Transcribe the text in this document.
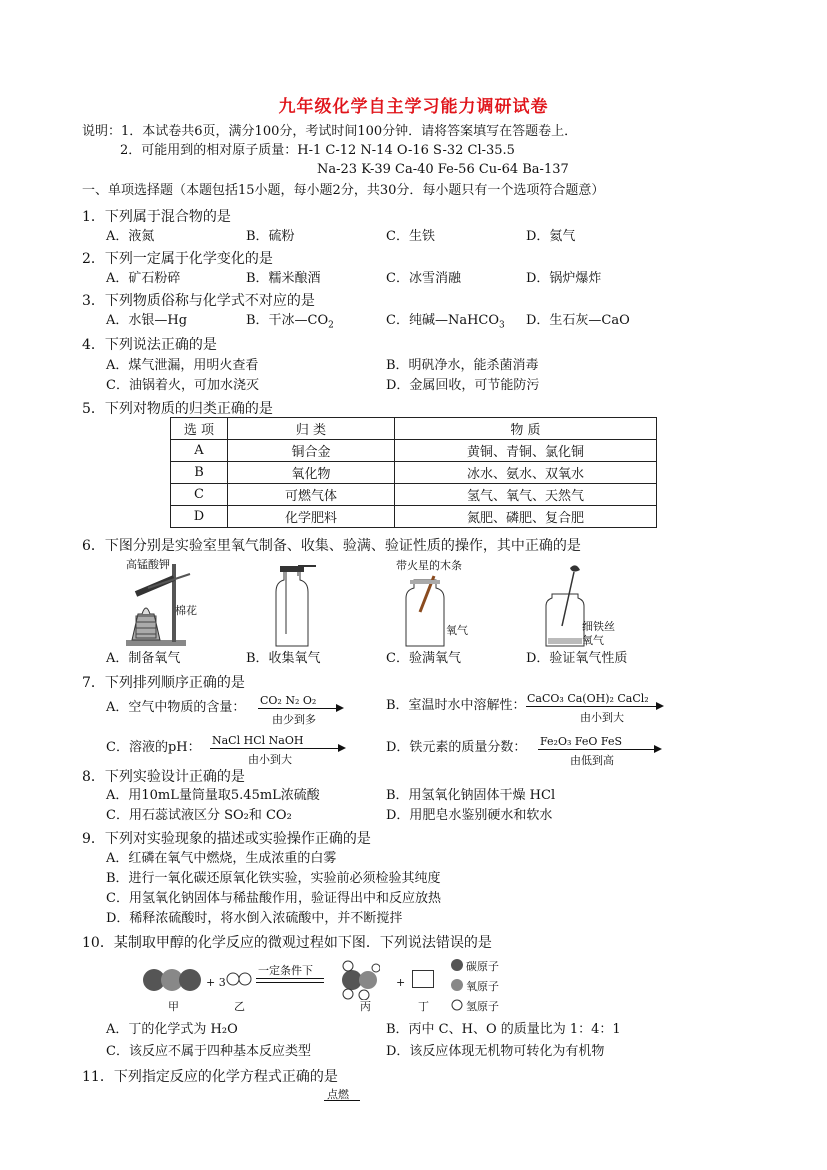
九年级化学自主学习能力调研试卷
说明：1．本试卷共6页，满分100分，考试时间100分钟．请将答案填写在答题卷上．
2．可能用到的相对原子质量：H-1 C-12 N-14 O-16 S-32 Cl-35.5
Na-23 K-39 Ca-40 Fe-56 Cu-64 Ba-137
一、单项选择题（本题包括15小题，每小题2分，共30分．每小题只有一个选项符合题意）
1．下列属于混合物的是
A．液氮	B．硫粉	C．生铁	D．氦气
2．下列一定属于化学变化的是
A．矿石粉碎	B．糯米酿酒	C．冰雪消融	D．锅炉爆炸
3．下列物质俗称与化学式不对应的是
A．水银—Hg	B．干冰$—CO_2$	C．纯碱—NaHCO$_3$ D．生石灰—CaO
4．下列说法正确的是
A．煤气泄漏，用明火查看	B．明矾净水，能杀菌消毒
C．油锅着火，可加水浇灭	D．金属回收，可节能防污
5．下列对物质的归类正确的是
选 项	归 类	物 质
A	铜合金	黄铜、青铜、氯化铜
B	氧化物	冰水、氨水、双氧水
C	可燃气体	氢气、氧气、天然气
D	化学肥料	氮肥、磷肥、复合肥
6．下图分别是实验室里氧气制备、收集、验满、验证性质的操作，其中正确的是
高锰酸钾
棉花
带火星的木条
氧气	细铁丝
氧气
A．制备氧气	B．收集氧气	C．验满氧气	D．验证氧气性质
7．下列排列顺序正确的是
A．空气中物质的含量： CO₂ N₂ O₂
由少到多
B．室温时水中溶解性： CaCO₃ Ca(OH)₂ CaCl₂
由小到大
C．溶液的pH： NaCl HCl NaOH
由小到大
D．铁元素的质量分数： Fe₂O₃ FeO FeS
由低到高
8．下列实验设计正确的是
A．用10mL量筒量取5.45mL浓硫酸	B．用氢氧化钠固体干燥 HCl
C．用石蕊试液区分 SO₂和 CO₂	D．用肥皂水鉴别硬水和软水
9．下列对实验现象的描述或实验操作正确的是
A．红磷在氧气中燃烧，生成浓重的白雾
B．进行一氧化碳还原氧化铁实验，实验前必须检验其纯度
C．用氢氧化钠固体与稀盐酸作用，验证得出中和反应放热
D．稀释浓硫酸时，将水倒入浓硫酸中，并不断搅拌
10．某制取甲醇的化学反应的微观过程如下图．下列说法错误的是
+ 3
一定条件下
+
碳原子
氧原子
氢原子
甲	乙	丙	丁
A．丁的化学式为 H₂O	B．丙中 C、H、O 的质量比为 1：4：1
C．该反应不属于四种基本反应类型	D．该反应体现无机物可转化为有机物
11．下列指定反应的化学方程式正确的是
点燃
